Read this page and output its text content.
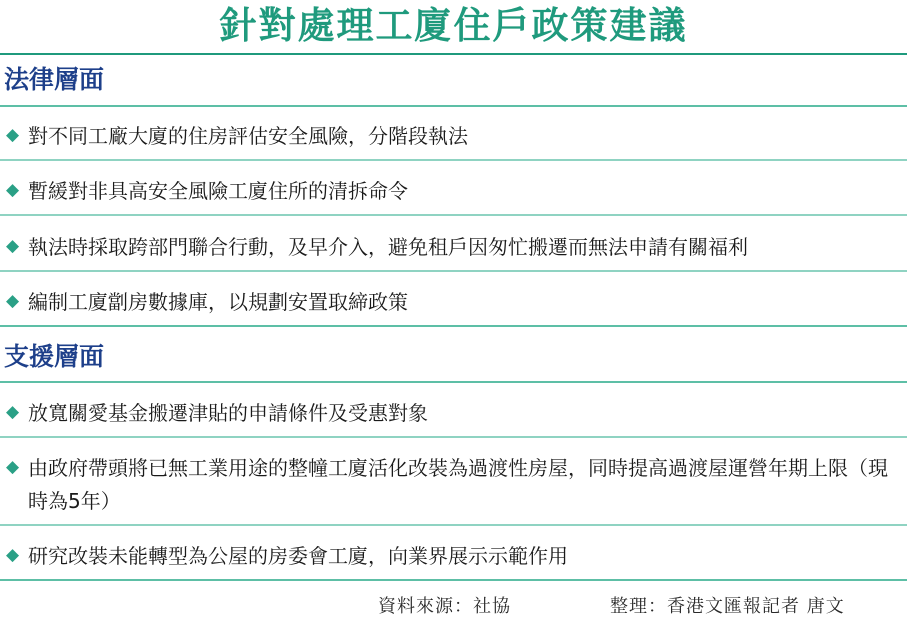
針對處理工廈住戶政策建議
法律層面
◆ 對不同工廠大廈的住房評估安全風險，分階段執法
◆ 暫緩對非具高安全風險工廈住所的清拆命令
◆ 執法時採取跨部門聯合行動，及早介入，避免租戶因匆忙搬遷而無法申請有關福利
◆ 編制工廈劏房數據庫，以規劃安置取締政策
支援層面
◆ 放寬關愛基金搬遷津貼的申請條件及受惠對象
◆ 由政府帶頭將已無工業用途的整幢工廈活化改裝為過渡性房屋，同時提高過渡屋運營年期上限（現時為5年）
◆ 研究改裝未能轉型為公屋的房委會工廈，向業界展示示範作用
資料來源：社協	整理：香港文匯報記者 唐文
